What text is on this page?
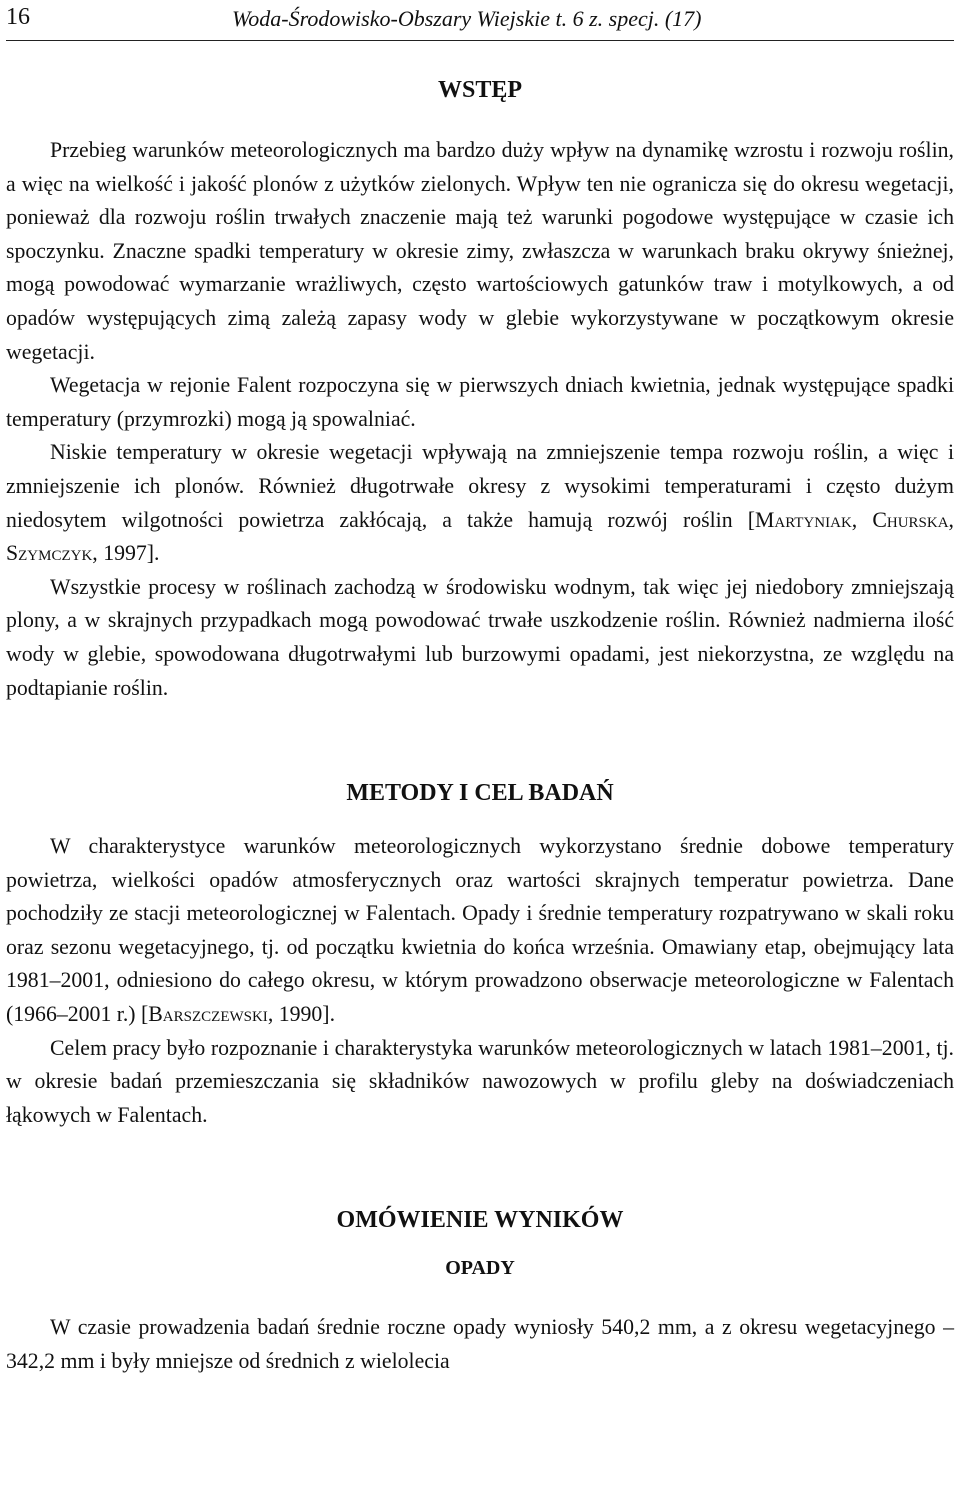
16	Woda-Środowisko-Obszary Wiejskie t. 6 z. specj. (17)
WSTĘP

Przebieg warunków meteorologicznych ma bardzo duży wpływ na dynamikę wzrostu i rozwoju roślin, a więc na wielkość i jakość plonów z użytków zielonych. Wpływ ten nie ogranicza się do okresu wegetacji, ponieważ dla rozwoju roślin trwałych znaczenie mają też warunki pogodowe występujące w czasie ich spoczynku. Znaczne spadki temperatury w okresie zimy, zwłaszcza w warunkach braku okrywy śnieżnej, mogą powodować wymarzanie wrażliwych, często wartościowych gatunków traw i motylkowych, a od opadów występujących zimą zależą zapasy wody w glebie wykorzystywane w początkowym okresie wegetacji.

Wegetacja w rejonie Falent rozpoczyna się w pierwszych dniach kwietnia, jednak występujące spadki temperatury (przymrozki) mogą ją spowalniać.

Niskie temperatury w okresie wegetacji wpływają na zmniejszenie tempa rozwoju roślin, a więc i zmniejszenie ich plonów. Również długotrwałe okresy z wysokimi temperaturami i często dużym niedosytem wilgotności powietrza zakłócają, a także hamują rozwój roślin [Martyniak, Churska, Szymczyk, 1997].

Wszystkie procesy w roślinach zachodzą w środowisku wodnym, tak więc jej niedobory zmniejszają plony, a w skrajnych przypadkach mogą powodować trwałe uszkodzenie roślin. Również nadmierna ilość wody w glebie, spowodowana długotrwałymi lub burzowymi opadami, jest niekorzystna, ze względu na podtapianie roślin.

METODY I CEL BADAŃ

W charakterystyce warunków meteorologicznych wykorzystano średnie dobowe temperatury powietrza, wielkości opadów atmosferycznych oraz wartości skrajnych temperatur powietrza. Dane pochodziły ze stacji meteorologicznej w Falentach. Opady i średnie temperatury rozpatrywano w skali roku oraz sezonu wegetacyjnego, tj. od początku kwietnia do końca września. Omawiany etap, obejmujący lata 1981–2001, odniesiono do całego okresu, w którym prowadzono obserwacje meteorologiczne w Falentach (1966–2001 r.) [Barszczewski, 1990].

Celem pracy było rozpoznanie i charakterystyka warunków meteorologicznych w latach 1981–2001, tj. w okresie badań przemieszczania się składników nawozowych w profilu gleby na doświadczeniach łąkowych w Falentach.

OMÓWIENIE WYNIKÓW
OPADY

W czasie prowadzenia badań średnie roczne opady wyniosły 540,2 mm, a z okresu wegetacyjnego – 342,2 mm i były mniejsze od średnich z wielolecia
